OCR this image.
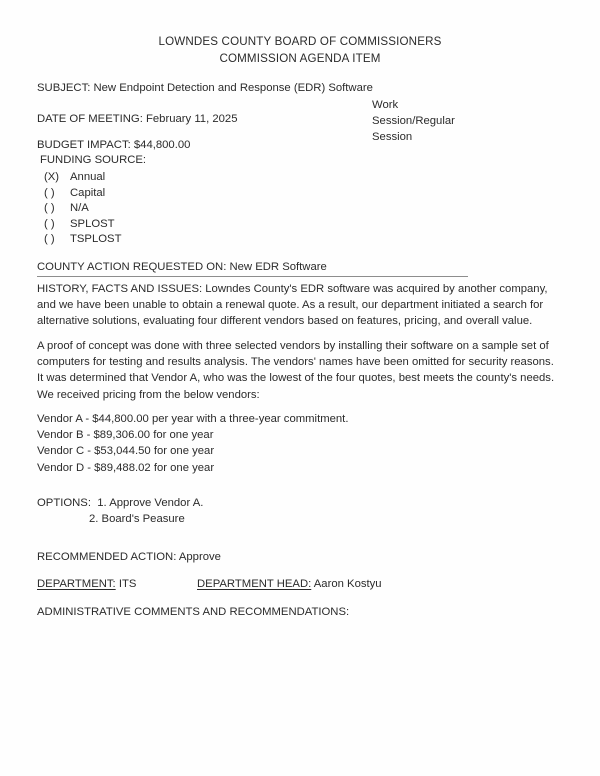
LOWNDES COUNTY BOARD OF COMMISSIONERS
COMMISSION AGENDA ITEM
SUBJECT: New Endpoint Detection and Response (EDR) Software
DATE OF MEETING: February 11, 2025
Work
Session/Regular
Session
BUDGET IMPACT: $44,800.00
FUNDING SOURCE:
(X) Annual
( ) Capital
( ) N/A
( ) SPLOST
( ) TSPLOST
COUNTY ACTION REQUESTED ON: New EDR Software
HISTORY, FACTS AND ISSUES: Lowndes County's EDR software was acquired by another company, and we have been unable to obtain a renewal quote. As a result, our department initiated a search for alternative solutions, evaluating four different vendors based on features, pricing, and overall value.
A proof of concept was done with three selected vendors by installing their software on a sample set of computers for testing and results analysis. The vendors' names have been omitted for security reasons. It was determined that Vendor A, who was the lowest of the four quotes, best meets the county's needs. We received pricing from the below vendors:
Vendor A - $44,800.00 per year with a three-year commitment.
Vendor B - $89,306.00 for one year
Vendor C - $53,044.50 for one year
Vendor D - $89,488.02 for one year
OPTIONS: 1. Approve Vendor A.
2. Board's Peasure
RECOMMENDED ACTION: Approve
DEPARTMENT: ITS	DEPARTMENT HEAD: Aaron Kostyu
ADMINISTRATIVE COMMENTS AND RECOMMENDATIONS:
